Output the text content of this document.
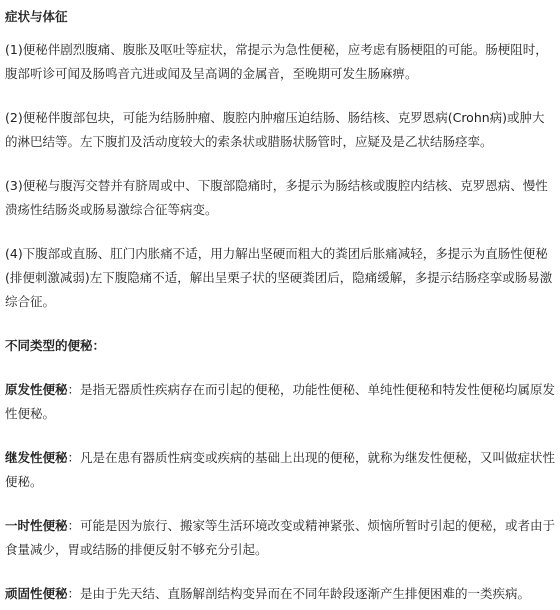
症状与体征

(1)便秘伴剧烈腹痛、腹胀及呕吐等症状，常提示为急性便秘，应考虑有肠梗阻的可能。肠梗阻时，腹部听诊可闻及肠鸣音亢进或闻及呈高调的金属音，至晚期可发生肠麻痹。

(2)便秘伴腹部包块，可能为结肠肿瘤、腹腔内肿瘤压迫结肠、肠结核、克罗恩病(Crohn病)或肿大的淋巴结等。左下腹扪及活动度较大的索条状或腊肠状肠管时，应疑及是乙状结肠痉挛。

(3)便秘与腹泻交替并有脐周或中、下腹部隐痛时，多提示为肠结核或腹腔内结核、克罗恩病、慢性溃疡性结肠炎或肠易激综合征等病变。

(4)下腹部或直肠、肛门内胀痛不适，用力解出坚硬而粗大的粪团后胀痛减轻，多提示为直肠性便秘(排便刺激减弱)左下腹隐痛不适，解出呈栗子状的坚硬粪团后，隐痛缓解，多提示结肠痉挛或肠易激综合征。

不同类型的便秘：

原发性便秘：是指无器质性疾病存在而引起的便秘，功能性便秘、单纯性便秘和特发性便秘均属原发性便秘。

继发性便秘：凡是在患有器质性病变或疾病的基础上出现的便秘，就称为继发性便秘，又叫做症状性便秘。

一时性便秘：可能是因为旅行、搬家等生活环境改变或精神紧张、烦恼所暂时引起的便秘，或者由于食量减少，胃或结肠的排便反射不够充分引起。

顽固性便秘：是由于先天结、直肠解剖结构变异而在不同年龄段逐渐产生排便困难的一类疾病。
